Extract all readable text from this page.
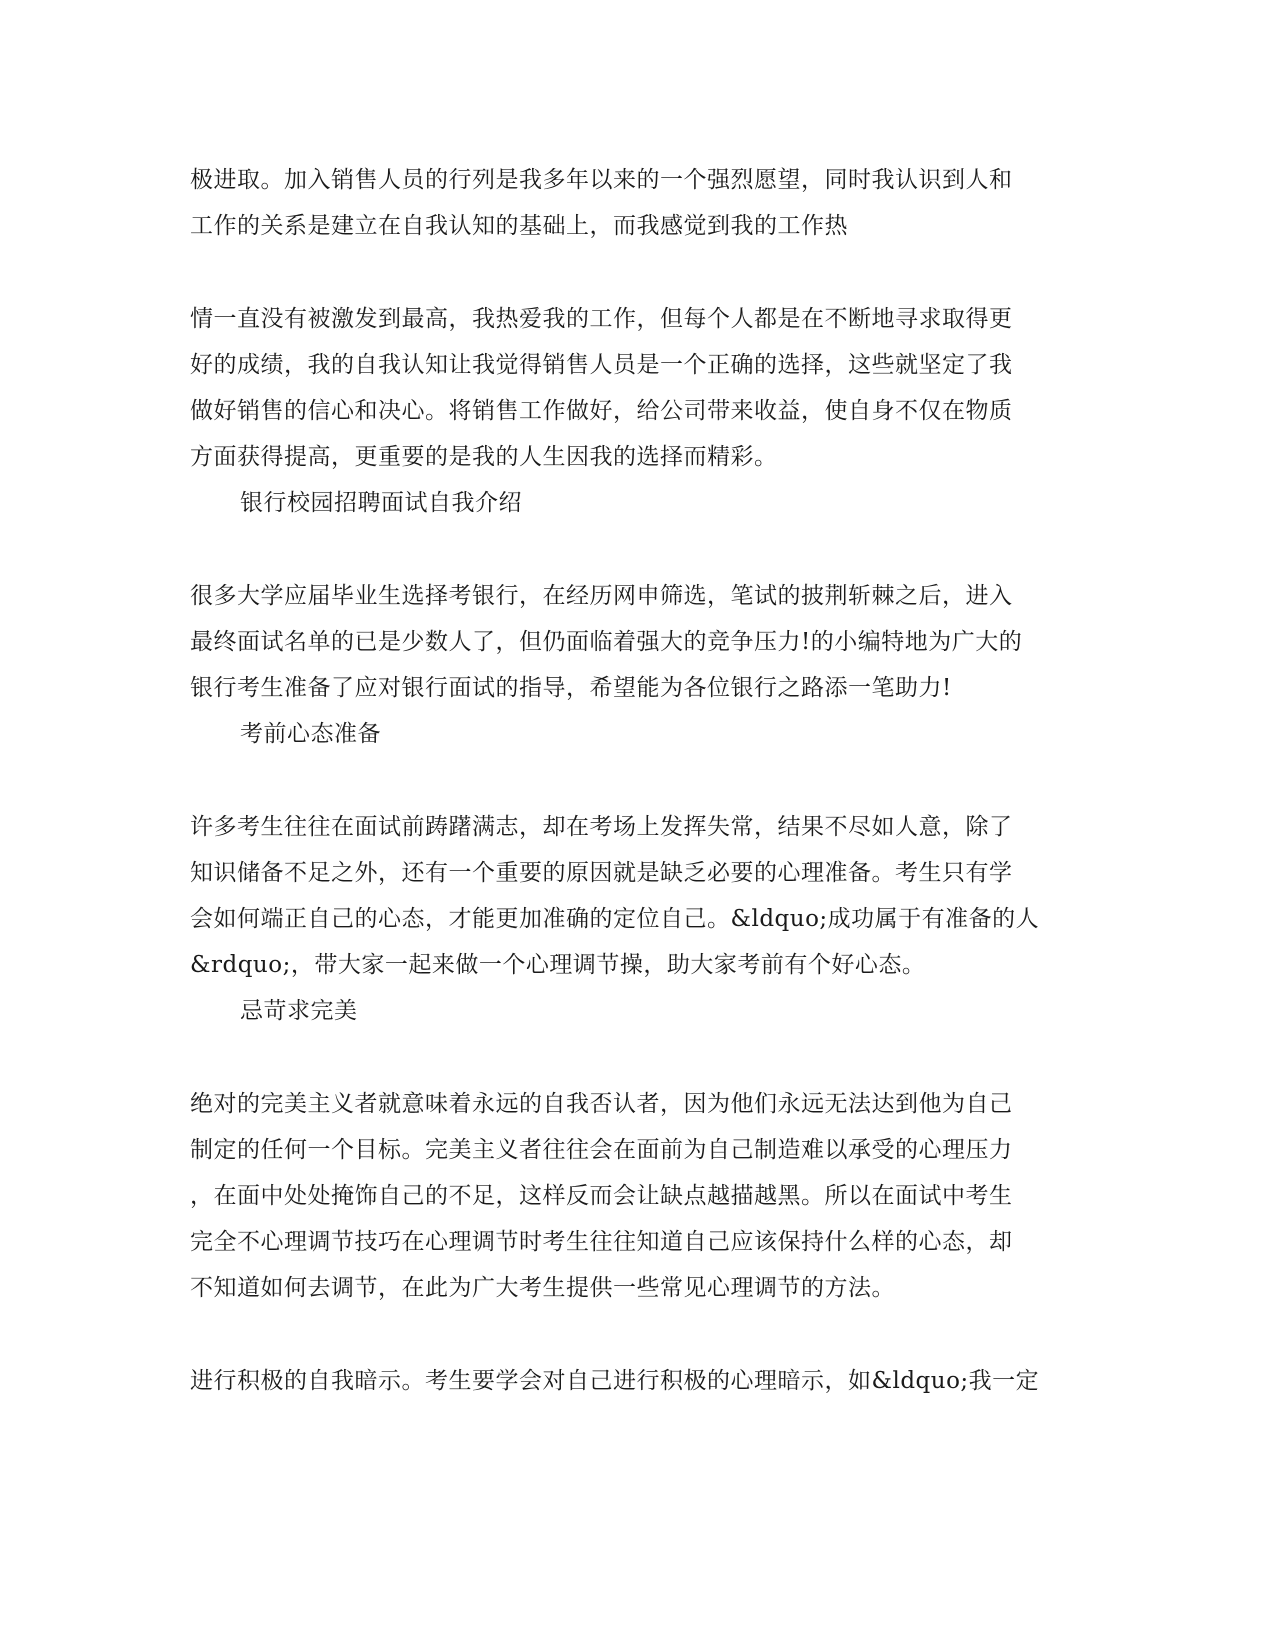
极进取。加入销售人员的行列是我多年以来的一个强烈愿望，同时我认识到人和
工作的关系是建立在自我认知的基础上，而我感觉到我的工作热
情一直没有被激发到最高，我热爱我的工作，但每个人都是在不断地寻求取得更
好的成绩，我的自我认知让我觉得销售人员是一个正确的选择，这些就坚定了我
做好销售的信心和决心。将销售工作做好，给公司带来收益，使自身不仅在物质
方面获得提高，更重要的是我的人生因我的选择而精彩。
银行校园招聘面试自我介绍
很多大学应届毕业生选择考银行，在经历网申筛选，笔试的披荆斩棘之后，进入
最终面试名单的已是少数人了，但仍面临着强大的竞争压力!的小编特地为广大的
银行考生准备了应对银行面试的指导，希望能为各位银行之路添一笔助力!
考前心态准备
许多考生往往在面试前踌躇满志，却在考场上发挥失常，结果不尽如人意，除了
知识储备不足之外，还有一个重要的原因就是缺乏必要的心理准备。考生只有学
会如何端正自己的心态，才能更加准确的定位自己。&ldquo;成功属于有准备的人
&rdquo;，带大家一起来做一个心理调节操，助大家考前有个好心态。
忌苛求完美
绝对的完美主义者就意味着永远的自我否认者，因为他们永远无法达到他为自己
制定的任何一个目标。完美主义者往往会在面前为自己制造难以承受的心理压力
，在面中处处掩饰自己的不足，这样反而会让缺点越描越黑。所以在面试中考生
完全不心理调节技巧在心理调节时考生往往知道自己应该保持什么样的心态，却
不知道如何去调节，在此为广大考生提供一些常见心理调节的方法。
进行积极的自我暗示。考生要学会对自己进行积极的心理暗示，如&ldquo;我一定
